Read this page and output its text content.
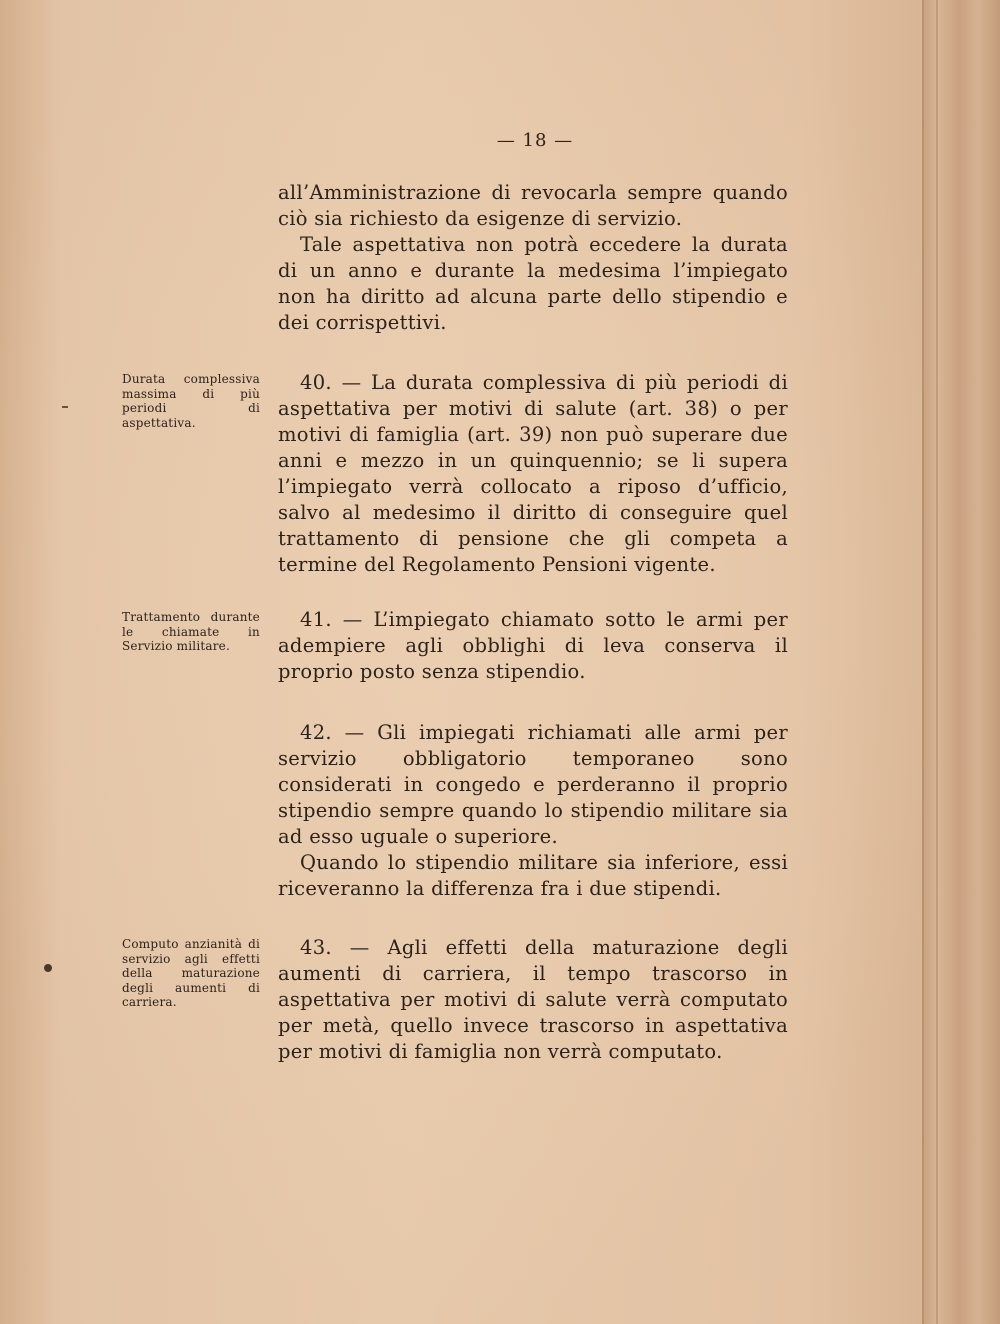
— 18 —

all’Amministrazione di revocarla sempre quando ciò sia richiesto da esigenze di servizio.

Tale aspettativa non potrà eccedere la durata di un anno e durante la medesima l’impiegato non ha diritto ad alcuna parte dello stipendio e dei corrispettivi.

Durata complessiva massima di più periodi di aspettativa.

40. — La durata complessiva di più periodi di aspettativa per motivi di salute (art. 38) o per motivi di famiglia (art. 39) non può superare due anni e mezzo in un quinquennio; se li supera l’impiegato verrà collocato a riposo d’ufficio, salvo al medesimo il diritto di conseguire quel trattamento di pensione che gli competa a termine del Regolamento Pensioni vigente.

Trattamento durante le chiamate in Servizio militare.

41. — L’impiegato chiamato sotto le armi per adempiere agli obblighi di leva conserva il proprio posto senza stipendio.

42. — Gli impiegati richiamati alle armi per servizio obbligatorio temporaneo sono considerati in congedo e perderanno il proprio stipendio sempre quando lo stipendio militare sia ad esso uguale o superiore.

Quando lo stipendio militare sia inferiore, essi riceveranno la differenza fra i due stipendi.

Computo anzianità di servizio agli effetti della maturazione degli aumenti di carriera.

43. — Agli effetti della maturazione degli aumenti di carriera, il tempo trascorso in aspettativa per motivi di salute verrà computato per metà, quello invece trascorso in aspettativa per motivi di famiglia non verrà computato.
